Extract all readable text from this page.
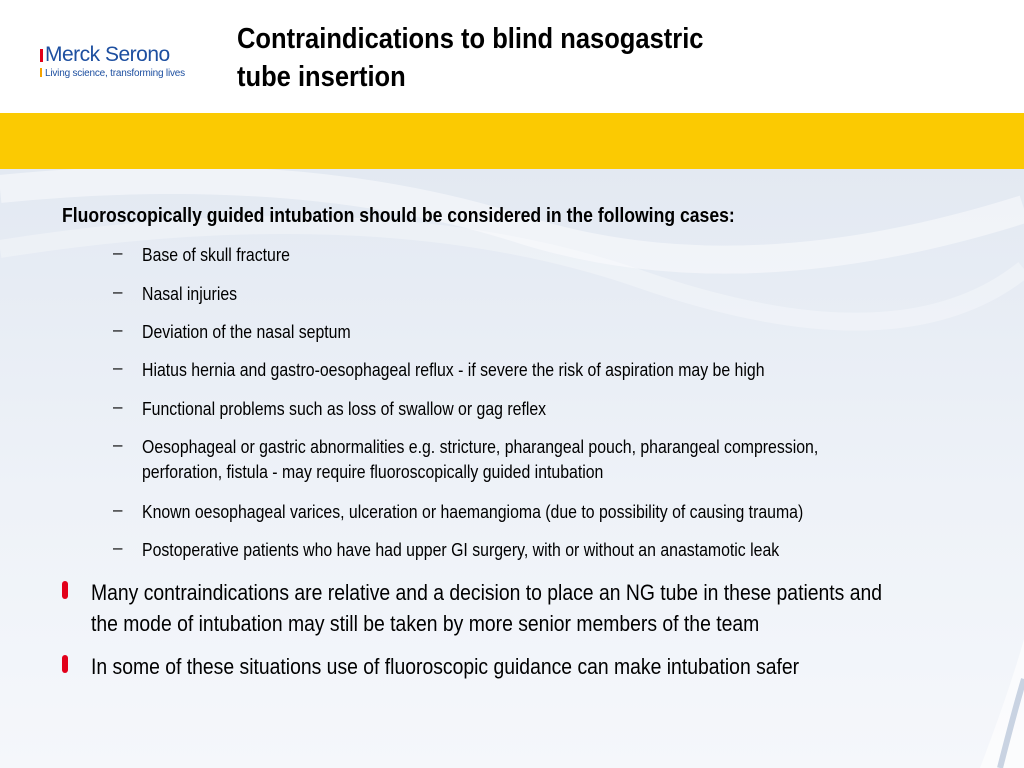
Merck Serono
Living science, transforming lives
Contraindications to blind nasogastric
tube insertion
Fluoroscopically guided intubation should be considered in the following cases:
– Base of skull fracture
– Nasal injuries
– Deviation of the nasal septum
– Hiatus hernia and gastro-oesophageal reflux - if severe the risk of aspiration may be high
– Functional problems such as loss of swallow or gag reflex
– Oesophageal or gastric abnormalities e.g. stricture, pharangeal pouch, pharangeal compression,
perforation, fistula - may require fluoroscopically guided intubation
– Known oesophageal varices, ulceration or haemangioma (due to possibility of causing trauma)
– Postoperative patients who have had upper GI surgery, with or without an anastamotic leak
Many contraindications are relative and a decision to place an NG tube in these patients and
the mode of intubation may still be taken by more senior members of the team
In some of these situations use of fluoroscopic guidance can make intubation safer
